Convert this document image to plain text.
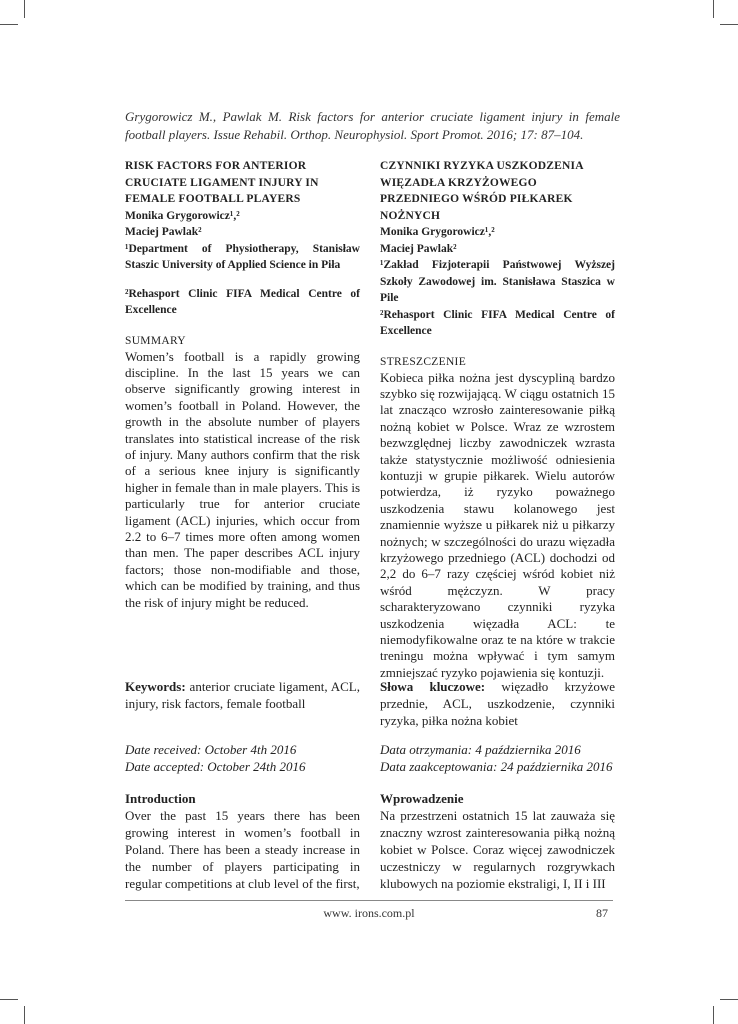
Grygorowicz M., Pawlak M. Risk factors for anterior cruciate ligament injury in female football players. Issue Rehabil. Orthop. Neurophysiol. Sport Promot. 2016; 17: 87–104.
RISK FACTORS FOR ANTERIOR CRUCIATE LIGAMENT INJURY IN FEMALE FOOTBALL PLAYERS
Monika Grygorowicz¹,²
Maciej Pawlak²
¹Department of Physiotherapy, Stanisław Staszic University of Applied Science in Piła
²Rehasport Clinic FIFA Medical Centre of Excellence
SUMMARY
Women’s football is a rapidly growing discipline. In the last 15 years we can observe significantly growing interest in women’s football in Poland. However, the growth in the absolute number of players translates into statistical increase of the risk of injury. Many authors confirm that the risk of a serious knee injury is significantly higher in female than in male players. This is particularly true for anterior cruciate ligament (ACL) injuries, which occur from 2.2 to 6–7 times more often among women than men. The paper describes ACL injury factors; those non-modifiable and those, which can be modified by training, and thus the risk of injury might be reduced.
CZYNNIKI RYZYKA USZKODZENIA WIĘZADŁA KRZYŻOWEGO PRZEDNIEGO WŚRÓD PIŁKAREK NOŻNYCH
Monika Grygorowicz¹,²
Maciej Pawlak²
¹Zakład Fizjoterapii Państwowej Wyższej Szkoły Zawodowej im. Stanisława Staszica w Pile
²Rehasport Clinic FIFA Medical Centre of Excellence
STRESZCZENIE
Kobieca piłka nożna jest dyscypliną bardzo szybko się rozwijającą. W ciągu ostatnich 15 lat znacząco wzrosło zainteresowanie piłką nożną kobiet w Polsce. Wraz ze wzrostem bezwzględnej liczby zawodniczek wzrasta także statystycznie możliwość odniesienia kontuzji w grupie piłkarek. Wielu autorów potwierdza, iż ryzyko poważnego uszkodzenia stawu kolanowego jest znamiennie wyższe u piłkarek niż u piłkarzy nożnych; w szczególności do urazu więzadła krzyżowego przedniego (ACL) dochodzi od 2,2 do 6–7 razy częściej wśród kobiet niż wśród mężczyzn. W pracy scharakteryzowano czynniki ryzyka uszkodzenia więzadła ACL: te niemodyfikowalne oraz te na które w trakcie treningu można wpływać i tym samym zmniejszać ryzyko pojawienia się kontuzji.
Keywords: anterior cruciate ligament, ACL, injury, risk factors, female football
Słowa kluczowe: więzadło krzyżowe przednie, ACL, uszkodzenie, czynniki ryzyka, piłka nożna kobiet
Date received: October 4th 2016
Date accepted: October 24th 2016
Data otrzymania: 4 października 2016
Data zaakceptowania: 24 października 2016
Introduction
Over the past 15 years there has been growing interest in women’s football in Poland. There has been a steady increase in the number of players participating in regular competitions at club level of the first,
Wprowadzenie
Na przestrzeni ostatnich 15 lat zauważa się znaczny wzrost zainteresowania piłką nożną kobiet w Polsce. Coraz więcej zawodniczek uczestniczy w regularnych rozgrywkach klubowych na poziomie ekstraligi, I, II i III
www. irons.com.pl	87
